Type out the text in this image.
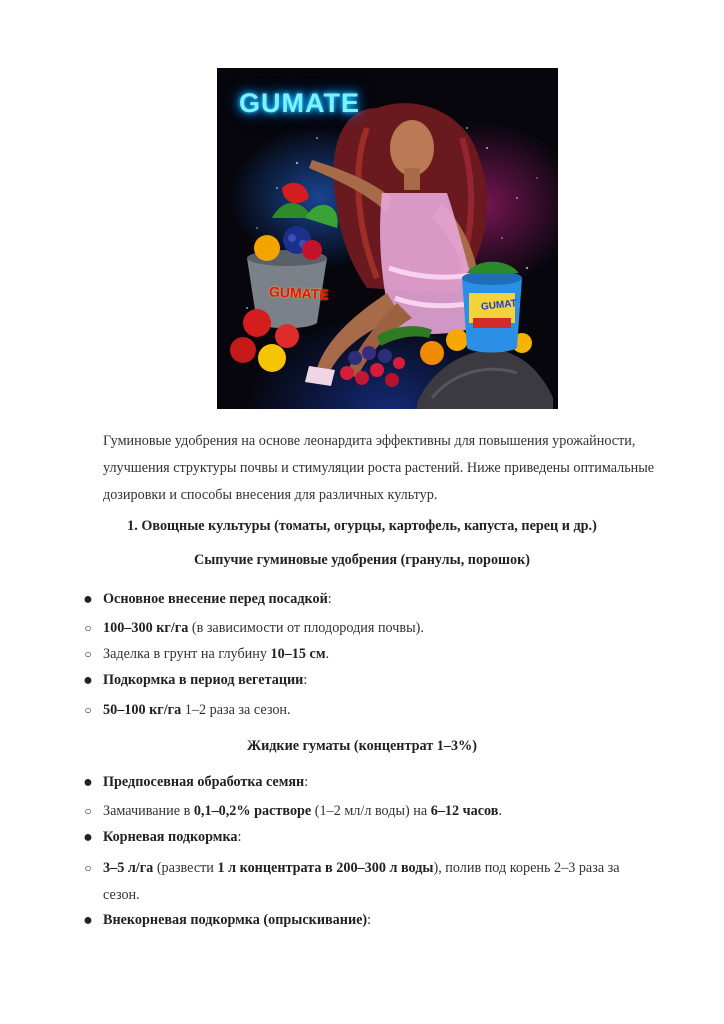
GUMATE
GUMATE
GUMAT
Гуминовые удобрения на основе леонардита эффективны для повышения урожайности, улучшения структуры почвы и стимуляции роста растений. Ниже приведены оптимальные дозировки и способы внесения для различных культур.
1. Овощные культуры (томаты, огурцы, картофель, капуста, перец и др.)
Сыпучие гуминовые удобрения (гранулы, порошок)
● Основное внесение перед посадкой:
○ 100–300 кг/га (в зависимости от плодородия почвы).
○ Заделка в грунт на глубину 10–15 см.
● Подкормка в период вегетации:
○ 50–100 кг/га 1–2 раза за сезон.
Жидкие гуматы (концентрат 1–3%)
● Предпосевная обработка семян:
○ Замачивание в 0,1–0,2% растворе (1–2 мл/л воды) на 6–12 часов.
● Корневая подкормка:
○ 3–5 л/га (развести 1 л концентрата в 200–300 л воды), полив под корень 2–3 раза за сезон.
● Внекорневая подкормка (опрыскивание):
